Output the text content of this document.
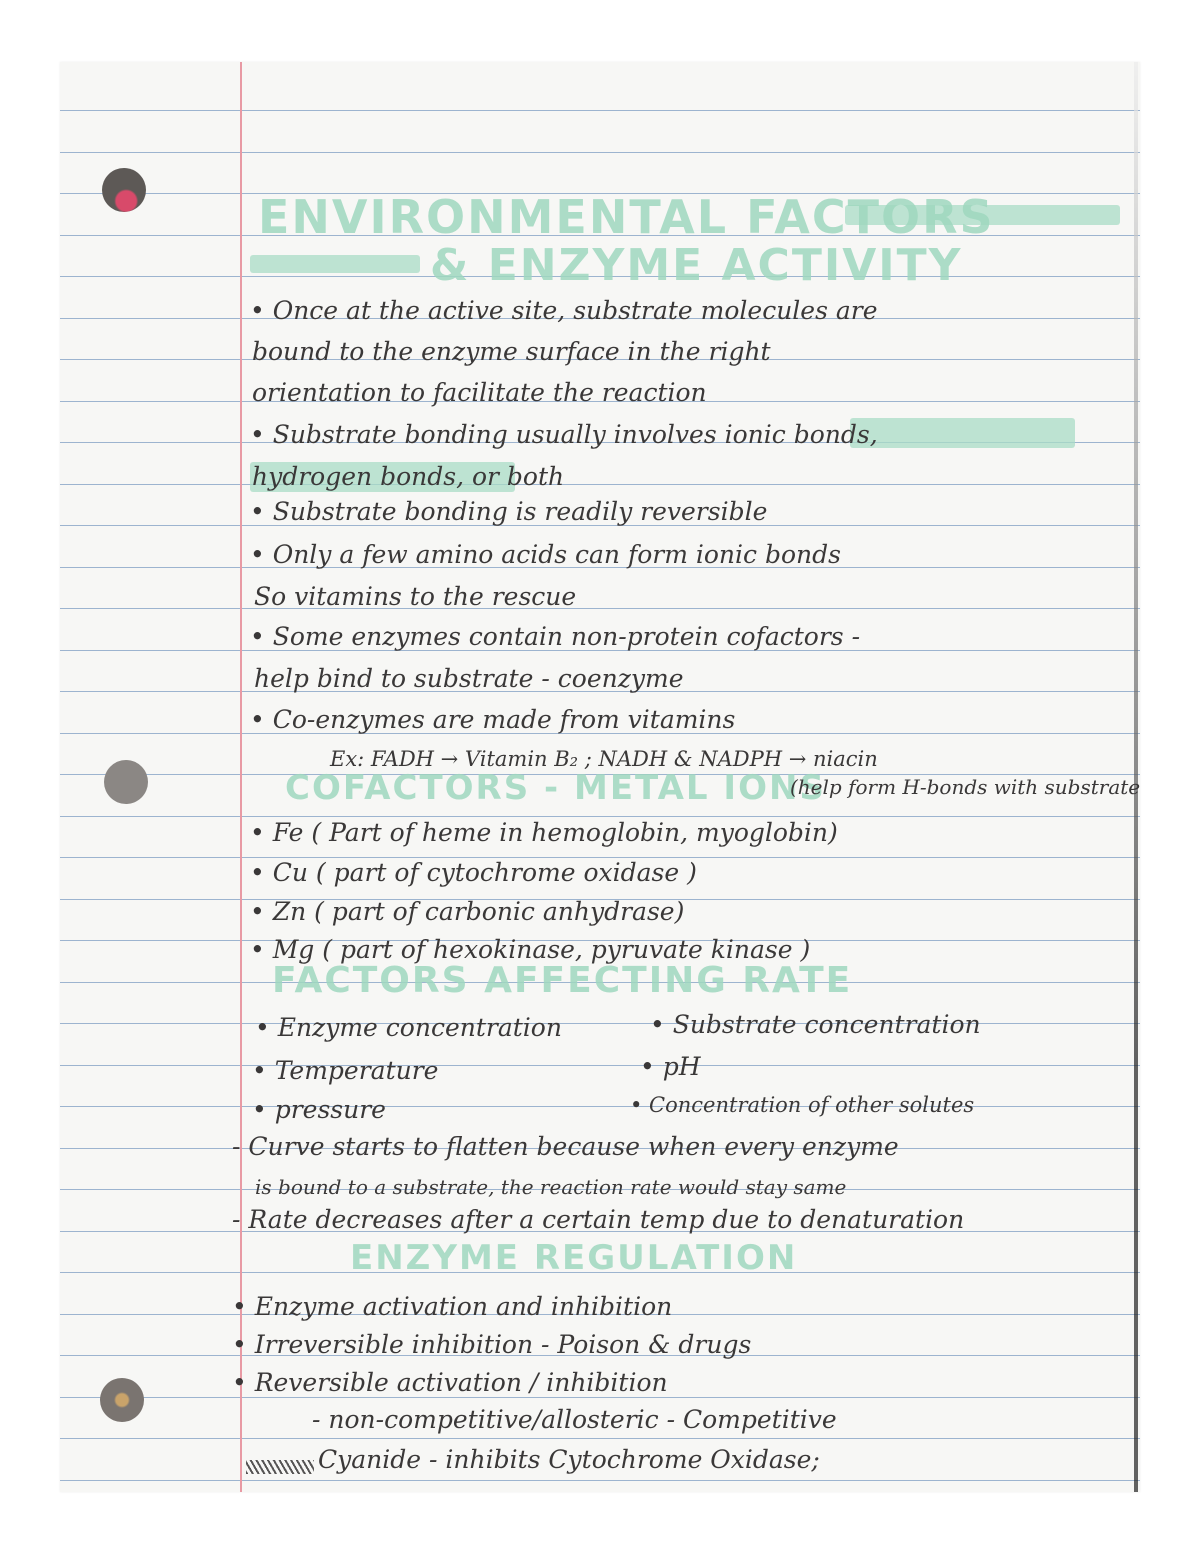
ENVIRONMENTAL FACTORS
& ENZYME ACTIVITY
COFACTORS - METAL IONS
FACTORS AFFECTING RATE
ENZYME REGULATION
• Once at the active site, substrate molecules are
bound to the enzyme surface in the right
orientation to facilitate the reaction
• Substrate bonding usually involves ionic bonds,
hydrogen bonds, or both
• Substrate bonding is readily reversible
• Only a few amino acids can form ionic bonds
So vitamins to the rescue
• Some enzymes contain non-protein cofactors -
help bind to substrate - coenzyme
• Co-enzymes are made from vitamins
Ex: FADH → Vitamin B₂ ; NADH & NADPH → niacin
(help form H-bonds with substrate
• Fe ( Part of heme in hemoglobin, myoglobin)
• Cu ( part of cytochrome oxidase )
• Zn ( part of carbonic anhydrase)
• Mg ( part of hexokinase, pyruvate kinase )
• Enzyme concentration
• Temperature
• pressure
• Substrate concentration
• pH
• Concentration of other solutes
- Curve starts to flatten because when every enzyme
is bound to a substrate, the reaction rate would stay same
- Rate decreases after a certain temp due to denaturation
• Enzyme activation and inhibition
• Irreversible inhibition - Poison & drugs
• Reversible activation / inhibition
- non-competitive/allosteric - Competitive
Cyanide - inhibits Cytochrome Oxidase;
